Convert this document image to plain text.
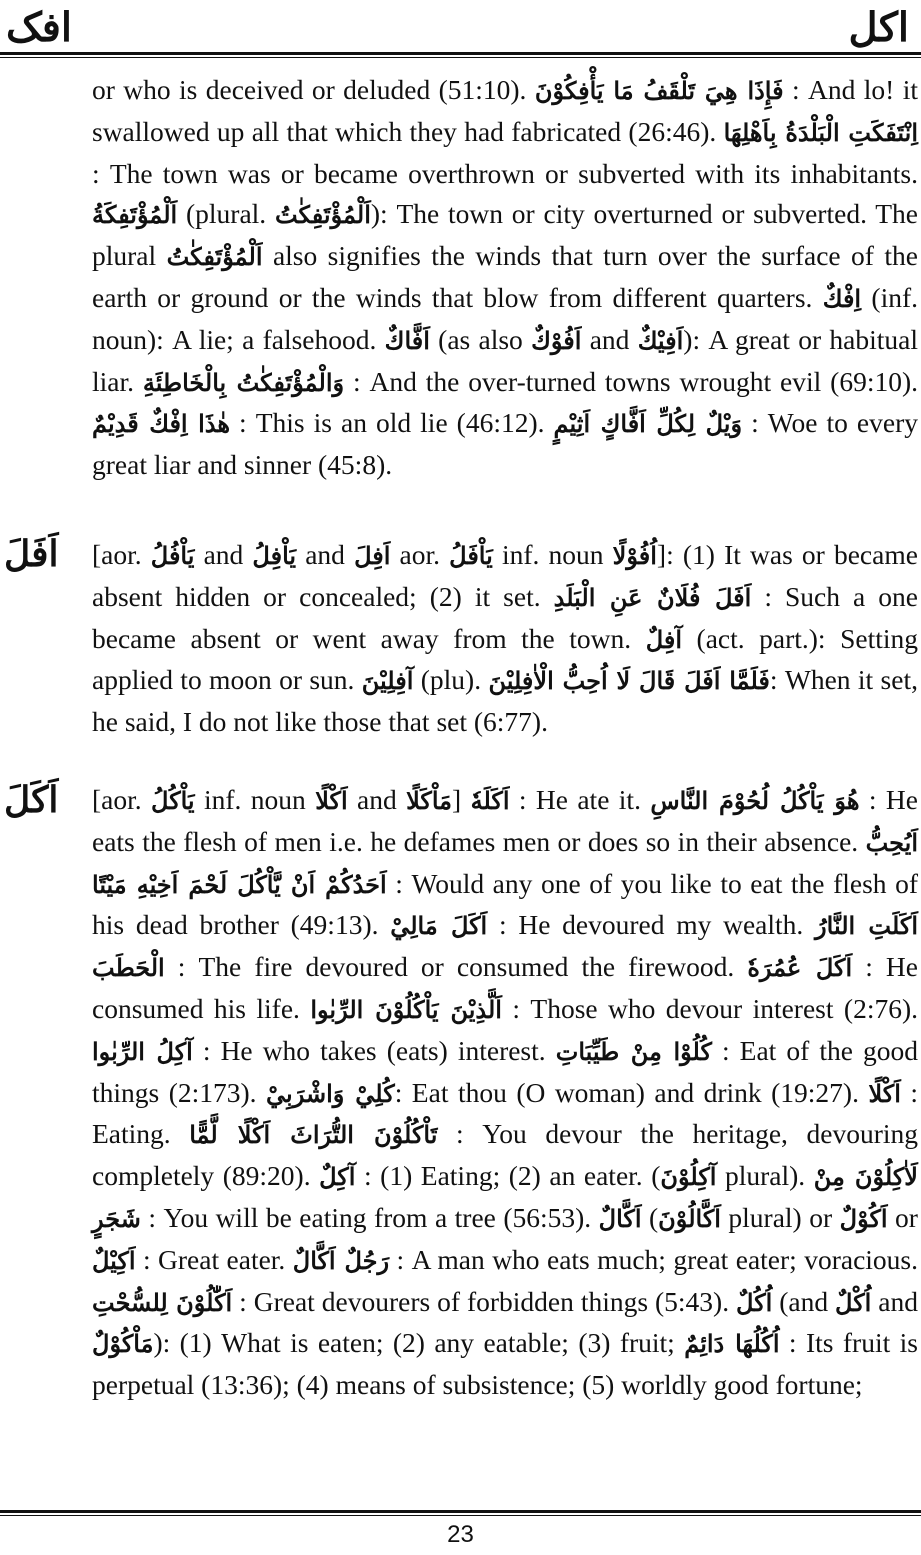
افک	اکل

or who is deceived or deluded (51:10). فَإِذَا هِيَ تَلْقَفُ مَا يَأْفِكُوْنَ : And lo! it swallowed up all that which they had fabricated (26:46). اِنْتَفَكَتِ الْبَلْدَةُ بِاَهْلِهَا : The town was or became overthrown or subverted with its inhabitants. اَلْمُؤْتَفِكَةُ (plural. اَلْمُؤْتَفِكٰتُ): The town or city overturned or subverted. The plural اَلْمُؤْتَفِكٰتُ also signifies the winds that turn over the surface of the earth or ground or the winds that blow from different quarters. اِفْكٌ (inf. noun): A lie; a falsehood. اَفَّاكٌ (as also اَفُوْكٌ and اَفِيْكٌ): A great or habitual liar. وَالْمُؤْتَفِكٰتُ بِالْخَاطِئَةِ : And the over-turned towns wrought evil (69:10). هٰذَا اِفْكٌ قَدِيْمٌ : This is an old lie (46:12). وَيْلٌ لِكُلِّ اَفَّاكٍ اَثِيْمٍ : Woe to every great liar and sinner (45:8).

اَفَلَ [aor. يَاْفُلُ and يَاْفِلُ and اَفِلَ aor. يَاْفَلُ inf. noun اُفُوْلًا]: (1) It was or became absent hidden or concealed; (2) it set. اَفَلَ فُلَانٌ عَنِ الْبَلَدِ : Such a one became absent or went away from the town. آفِلٌ (act. part.): Setting applied to moon or sun. آفِلِيْنَ (plu). فَلَمَّا اَفَلَ قَالَ لَا اُحِبُّ الْاٰفِلِيْنَ: When it set, he said, I do not like those that set (6:77).

اَكَلَ [aor. يَاْكُلُ inf. noun اَكْلًا and مَاْكَلًا] اَكَلَهٗ : He ate it. هُوَ يَاْكُلُ لُحُوْمَ النَّاسِ : He eats the flesh of men i.e. he defames men or does so in their absence. اَيُحِبُّ اَحَدُكُمْ اَنْ يَّاْكُلَ لَحْمَ اَخِيْهِ مَيْتًا : Would any one of you like to eat the flesh of his dead brother (49:13). اَكَلَ مَالِيْ : He devoured my wealth. اَكَلَتِ النَّارُ الْحَطَبَ : The fire devoured or consumed the firewood. اَكَلَ عُمُرَهٗ : He consumed his life. اَلَّذِيْنَ يَاْكُلُوْنَ الرِّبٰوا : Those who devour interest (2:76). آكِلُ الرِّبٰوا : He who takes (eats) interest. كُلُوْا مِنْ طَيِّبَاتِ : Eat of the good things (2:173). كُلِيْ وَاشْرَبِيْ: Eat thou (O woman) and drink (19:27). اَكْلًا : Eating. تَاْكُلُوْنَ التُّرَاثَ اَكْلًا لَّمًّا : You devour the heritage, devouring completely (89:20). آكِلٌ : (1) Eating; (2) an eater. (آكِلُوْنَ plural). لَاٰكِلُوْنَ مِنْ شَجَرٍ : You will be eating from a tree (56:53). اَكَّالٌ (اَكَّالُوْنَ plural) or اَكُوْلٌ or اَكِيْلٌ : Great eater. رَجُلٌ اَكَّالٌ : A man who eats much; great eater; voracious. اَكّٰلُوْنَ لِلسُّحْتِ : Great devourers of forbidden things (5:43). اُكُلٌ (and اُكْلٌ and مَاْكُوْلٌ): (1) What is eaten; (2) any eatable; (3) fruit; اُكُلُهَا دَائِمٌ : Its fruit is perpetual (13:36); (4) means of subsistence; (5) worldly good fortune;

23
